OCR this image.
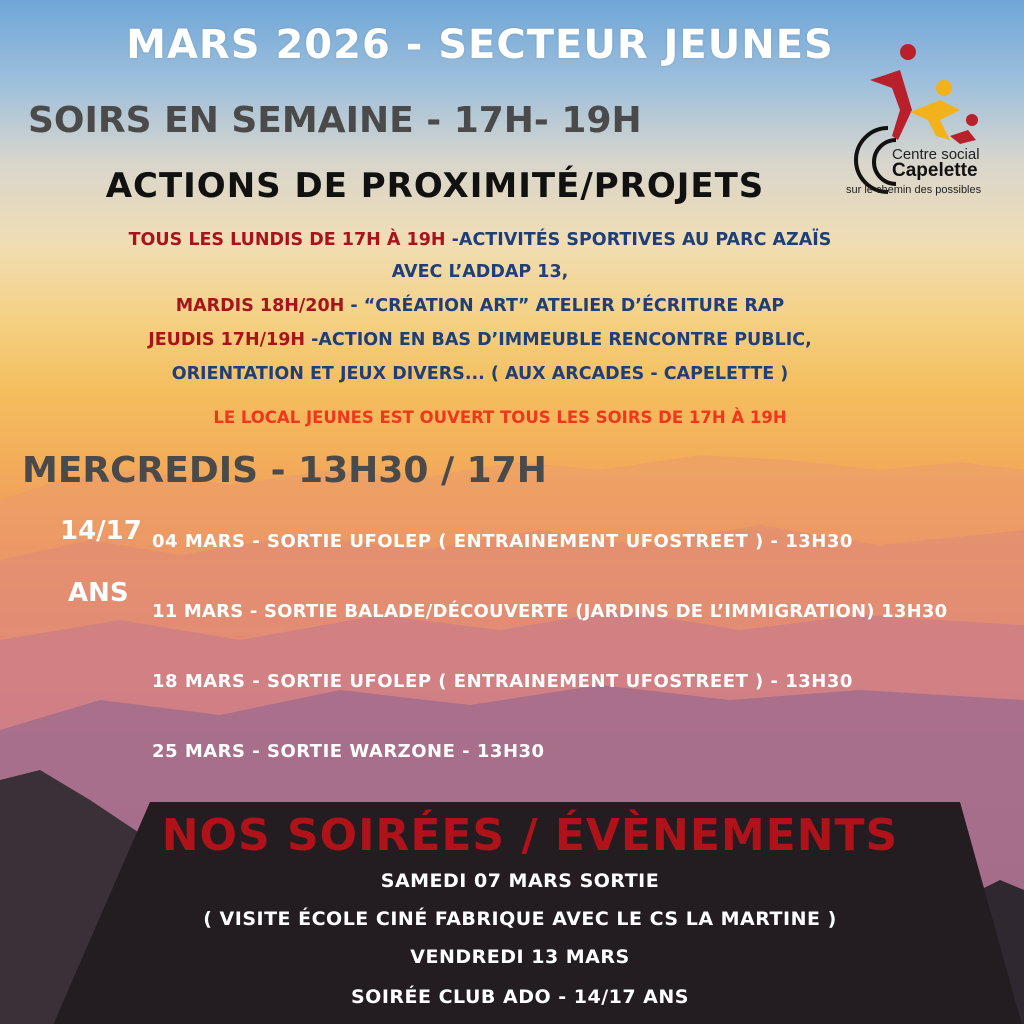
Centre social
Capelette
sur le chemin des possibles
MARS 2026 - SECTEUR JEUNES
SOIRS EN SEMAINE - 17H- 19H
ACTIONS DE PROXIMITÉ/PROJETS
TOUS LES LUNDIS DE 17H À 19H -ACTIVITÉS SPORTIVES AU PARC AZAÏS
AVEC L’ADDAP 13,
MARDIS 18H/20H - “CRÉATION ART” ATELIER D’ÉCRITURE RAP
JEUDIS 17H/19H -ACTION EN BAS D’IMMEUBLE RENCONTRE PUBLIC,
ORIENTATION ET JEUX DIVERS... ( AUX ARCADES - CAPELETTE )
LE LOCAL JEUNES EST OUVERT TOUS LES SOIRS DE 17H À 19H
MERCREDIS - 13H30 / 17H
14/17
ANS
04 MARS - SORTIE UFOLEP ( ENTRAINEMENT UFOSTREET ) - 13H30
11 MARS - SORTIE BALADE/DÉCOUVERTE (JARDINS DE L’IMMIGRATION) 13H30
18 MARS - SORTIE UFOLEP ( ENTRAINEMENT UFOSTREET ) - 13H30
25 MARS - SORTIE WARZONE - 13H30
NOS SOIRÉES / ÉVÈNEMENTS
SAMEDI 07 MARS SORTIE
( VISITE ÉCOLE CINÉ FABRIQUE AVEC LE CS LA MARTINE )
VENDREDI 13 MARS
SOIRÉE CLUB ADO - 14/17 ANS
